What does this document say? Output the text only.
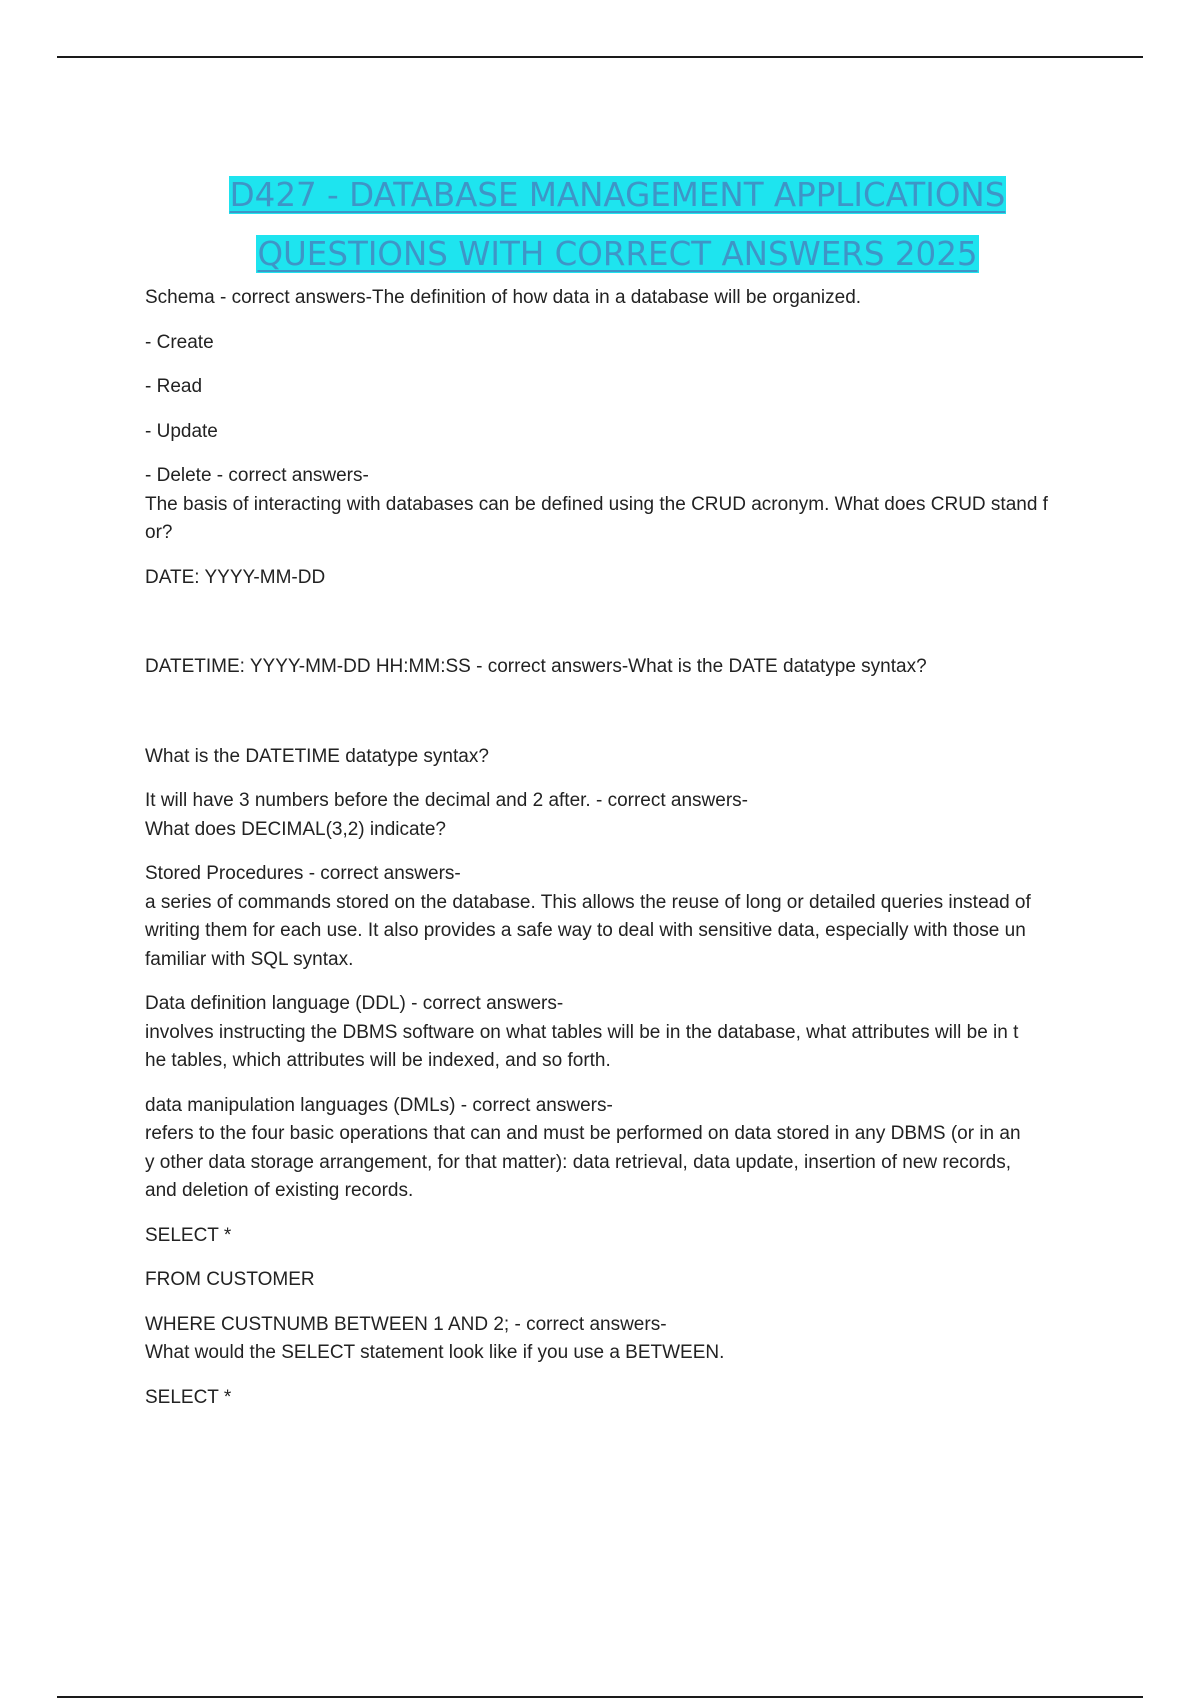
D427 - DATABASE MANAGEMENT APPLICATIONS
QUESTIONS WITH CORRECT ANSWERS 2025
Schema - correct answers-The definition of how data in a database will be organized.
- Create
- Read
- Update
- Delete - correct answers-
The basis of interacting with databases can be defined using the CRUD acronym. What does CRUD stand f
or?
DATE: YYYY-MM-DD
DATETIME: YYYY-MM-DD HH:MM:SS - correct answers-What is the DATE datatype syntax?
What is the DATETIME datatype syntax?
It will have 3 numbers before the decimal and 2 after. - correct answers-
What does DECIMAL(3,2) indicate?
Stored Procedures - correct answers-
a series of commands stored on the database. This allows the reuse of long or detailed queries instead of
writing them for each use. It also provides a safe way to deal with sensitive data, especially with those un
familiar with SQL syntax.
Data definition language (DDL) - correct answers-
involves instructing the DBMS software on what tables will be in the database, what attributes will be in t
he tables, which attributes will be indexed, and so forth.
data manipulation languages (DMLs) - correct answers-
refers to the four basic operations that can and must be performed on data stored in any DBMS (or in an
y other data storage arrangement, for that matter): data retrieval, data update, insertion of new records,
and deletion of existing records.
SELECT *
FROM CUSTOMER
WHERE CUSTNUMB BETWEEN 1 AND 2; - correct answers-
What would the SELECT statement look like if you use a BETWEEN.
SELECT *
